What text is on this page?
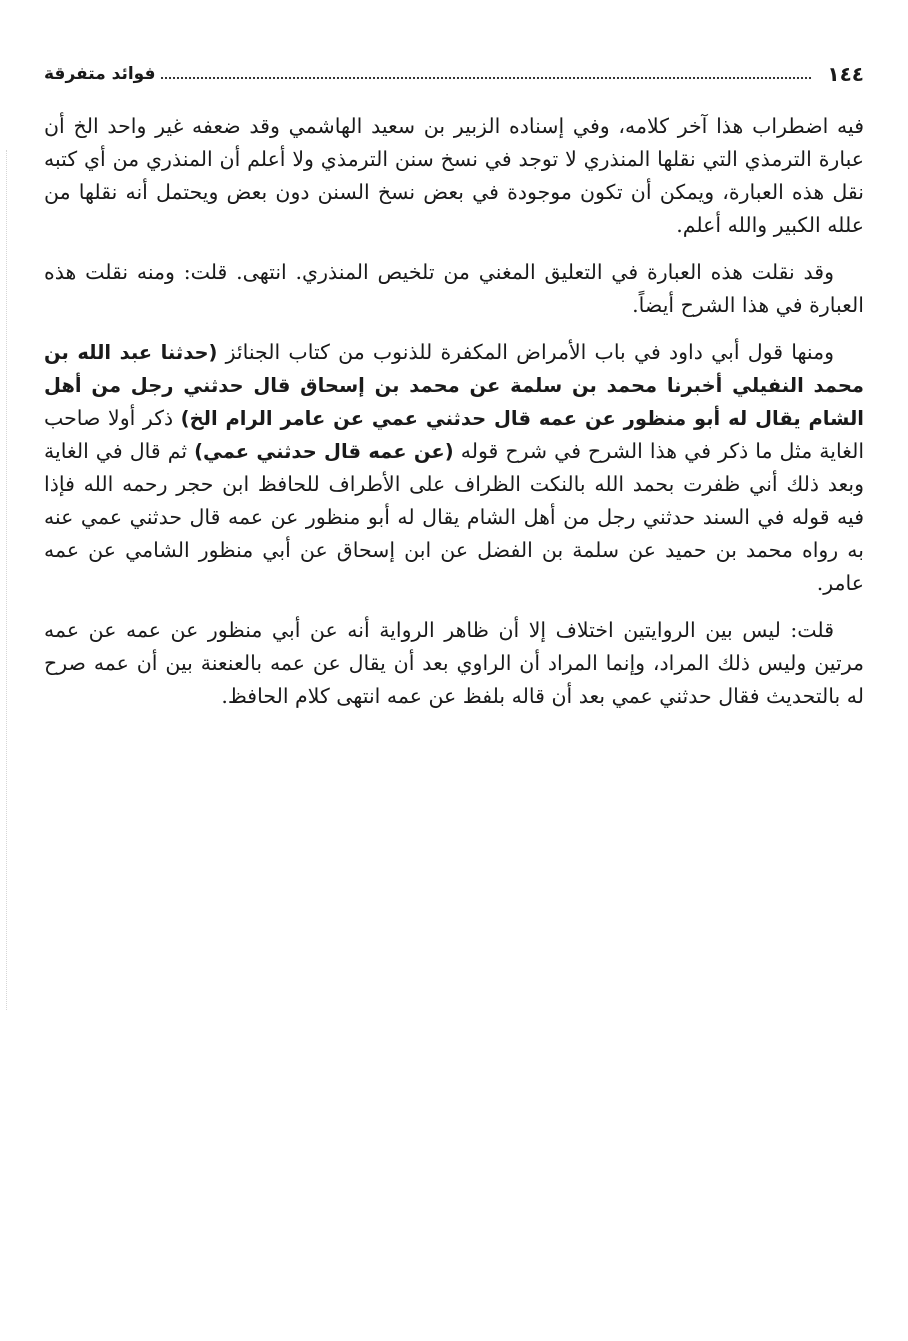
١٤٤
فوائد متفرقة

فيه اضطراب هذا آخر كلامه، وفي إسناده الزبير بن سعيد الهاشمي وقد ضعفه غير واحد الخ أن عبارة الترمذي التي نقلها المنذري لا توجد في نسخ سنن الترمذي ولا أعلم أن المنذري من أي كتبه نقل هذه العبارة، ويمكن أن تكون موجودة في بعض نسخ السنن دون بعض ويحتمل أنه نقلها من علله الكبير والله أعلم.

وقد نقلت هذه العبارة في التعليق المغني من تلخيص المنذري. انتهى. قلت: ومنه نقلت هذه العبارة في هذا الشرح أيضاً.

ومنها قول أبي داود في باب الأمراض المكفرة للذنوب من كتاب الجنائز (حدثنا عبد الله بن محمد النفيلي أخبرنا محمد بن سلمة عن محمد بن إسحاق قال حدثني رجل من أهل الشام يقال له أبو منظور عن عمه قال حدثني عمي عن عامر الرام الخ) ذكر أولا صاحب الغاية مثل ما ذكر في هذا الشرح في شرح قوله (عن عمه قال حدثني عمي) ثم قال في الغاية وبعد ذلك أني ظفرت بحمد الله بالنكت الظراف على الأطراف للحافظ ابن حجر رحمه الله فإذا فيه قوله في السند حدثني رجل من أهل الشام يقال له أبو منظور عن عمه قال حدثني عمي عنه به رواه محمد بن حميد عن سلمة بن الفضل عن ابن إسحاق عن أبي منظور الشامي عن عمه عامر.

قلت: ليس بين الروايتين اختلاف إلا أن ظاهر الرواية أنه عن أبي منظور عن عمه عن عمه مرتين وليس ذلك المراد، وإنما المراد أن الراوي بعد أن يقال عن عمه بالعنعنة بين أن عمه صرح له بالتحديث فقال حدثني عمي بعد أن قاله بلفظ عن عمه انتهى كلام الحافظ.
